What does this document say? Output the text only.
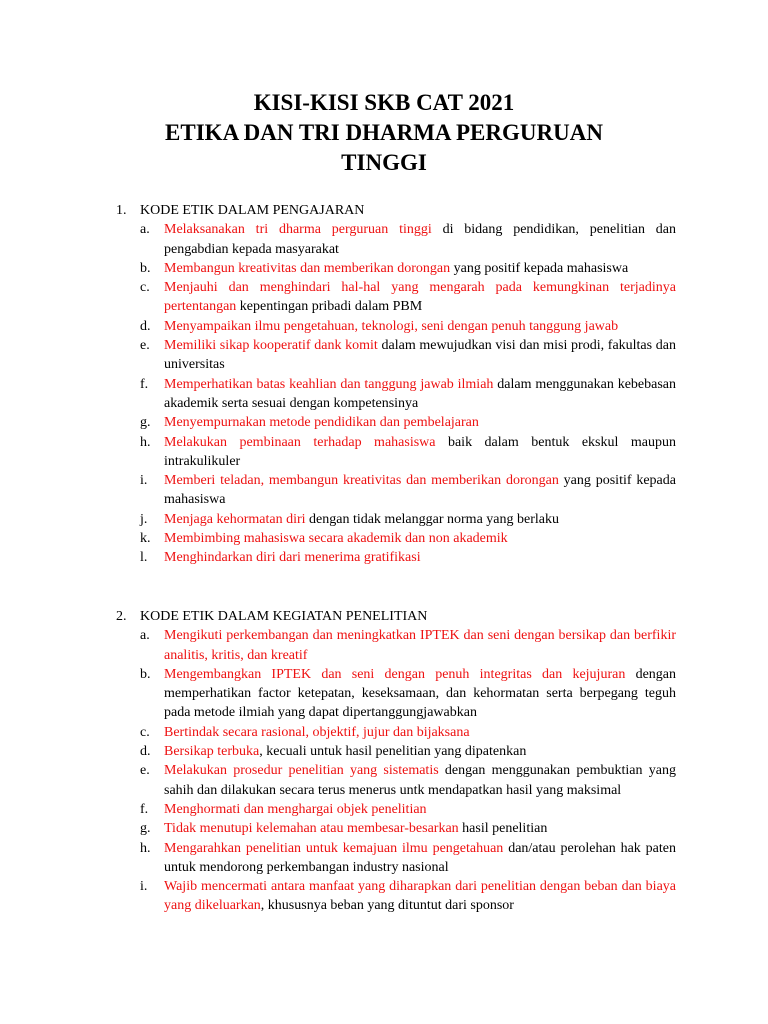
KISI-KISI SKB CAT 2021
ETIKA DAN TRI DHARMA PERGURUAN
TINGGI
1. KODE ETIK DALAM PENGAJARAN
a.	Melaksanakan tri dharma perguruan tinggi di bidang pendidikan, penelitian dan pengabdian kepada masyarakat
b. Membangun kreativitas dan memberikan dorongan yang positif kepada mahasiswa
c.	Menjauhi dan menghindari hal-hal yang mengarah pada kemungkinan terjadinya pertentangan kepentingan pribadi dalam PBM
d. Menyampaikan ilmu pengetahuan, teknologi, seni dengan penuh tanggung jawab
e.	Memiliki sikap kooperatif dank komit dalam mewujudkan visi dan misi prodi, fakultas dan universitas
f.	Memperhatikan batas keahlian dan tanggung jawab ilmiah dalam menggunakan kebebasan akademik serta sesuai dengan kompetensinya
g. Menyempurnakan metode pendidikan dan pembelajaran
h. Melakukan pembinaan terhadap mahasiswa baik dalam bentuk ekskul maupun intrakulikuler
i.	Memberi teladan, membangun kreativitas dan memberikan dorongan yang positif kepada mahasiswa
j.	Menjaga kehormatan diri dengan tidak melanggar norma yang berlaku
k. Membimbing mahasiswa secara akademik dan non akademik
l.	Menghindarkan diri dari menerima gratifikasi
2. KODE ETIK DALAM KEGIATAN PENELITIAN
a.	Mengikuti perkembangan dan meningkatkan IPTEK dan seni dengan bersikap dan berfikir analitis, kritis, dan kreatif
b. Mengembangkan IPTEK dan seni dengan penuh integritas dan kejujuran dengan memperhatikan factor ketepatan, keseksamaan, dan kehormatan serta berpegang teguh pada metode ilmiah yang dapat dipertanggungjawabkan
c.	Bertindak secara rasional, objektif, jujur dan bijaksana
d. Bersikap terbuka, kecuali untuk hasil penelitian yang dipatenkan
e.	Melakukan prosedur penelitian yang sistematis dengan menggunakan pembuktian yang sahih dan dilakukan secara terus menerus untk mendapatkan hasil yang maksimal
f.	Menghormati dan menghargai objek penelitian
g. Tidak menutupi kelemahan atau membesar-besarkan hasil penelitian
h. Mengarahkan penelitian untuk kemajuan ilmu pengetahuan dan/atau perolehan hak paten untuk mendorong perkembangan industry nasional
i.	Wajib mencermati antara manfaat yang diharapkan dari penelitian dengan beban dan biaya yang dikeluarkan, khususnya beban yang dituntut dari sponsor
